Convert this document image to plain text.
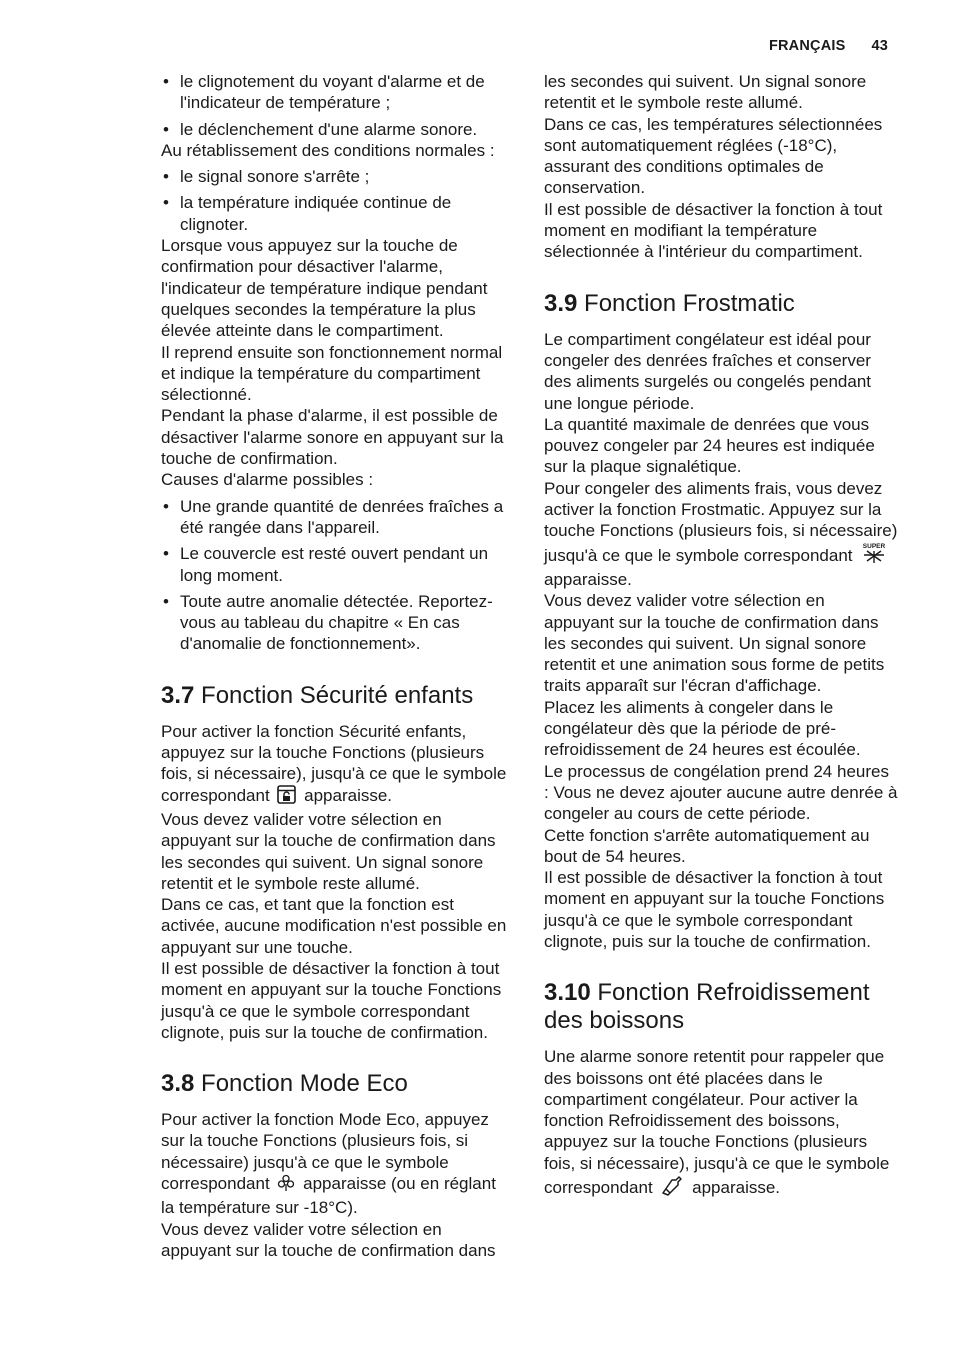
FRANÇAIS 43

• le clignotement du voyant d'alarme et de l'indicateur de température ;

• le déclenchement d'une alarme sonore.

Au rétablissement des conditions normales :

• le signal sonore s'arrête ;

• la température indiquée continue de clignoter.

Lorsque vous appuyez sur la touche de confirmation pour désactiver l'alarme, l'indicateur de température indique pendant quelques secondes la température la plus élevée atteinte dans le compartiment.

Il reprend ensuite son fonctionnement normal et indique la température du compartiment sélectionné.

Pendant la phase d'alarme, il est possible de désactiver l'alarme sonore en appuyant sur la touche de confirmation.

Causes d'alarme possibles :

• Une grande quantité de denrées fraîches a été rangée dans l'appareil.

• Le couvercle est resté ouvert pendant un long moment.

• Toute autre anomalie détectée. Reportez-vous au tableau du chapitre « En cas d'anomalie de fonctionnement».

3.7 Fonction Sécurité enfants

Pour activer la fonction Sécurité enfants, appuyez sur la touche Fonctions (plusieurs fois, si nécessaire), jusqu'à ce que le symbole correspondant  apparaisse.

Vous devez valider votre sélection en appuyant sur la touche de confirmation dans les secondes qui suivent. Un signal sonore retentit et le symbole reste allumé.

Dans ce cas, et tant que la fonction est activée, aucune modification n'est possible en appuyant sur une touche.

Il est possible de désactiver la fonction à tout moment en appuyant sur la touche Fonctions jusqu'à ce que le symbole correspondant clignote, puis sur la touche de confirmation.

3.8 Fonction Mode Eco

Pour activer la fonction Mode Eco, appuyez sur la touche Fonctions (plusieurs fois, si nécessaire) jusqu'à ce que le symbole correspondant  apparaisse (ou en réglant la température sur -18°C).

Vous devez valider votre sélection en appuyant sur la touche de confirmation dans

les secondes qui suivent. Un signal sonore retentit et le symbole reste allumé.

Dans ce cas, les températures sélectionnées sont automatiquement réglées (-18°C), assurant des conditions optimales de conservation.

Il est possible de désactiver la fonction à tout moment en modifiant la température sélectionnée à l'intérieur du compartiment.

3.9 Fonction Frostmatic

Le compartiment congélateur est idéal pour congeler des denrées fraîches et conserver des aliments surgelés ou congelés pendant une longue période.

La quantité maximale de denrées que vous pouvez congeler par 24 heures est indiquée sur la plaque signalétique.

Pour congeler des aliments frais, vous devez activer la fonction Frostmatic. Appuyez sur la touche Fonctions (plusieurs fois, si nécessaire) jusqu'à ce que le symbole correspondant SUPER
apparaisse.

Vous devez valider votre sélection en appuyant sur la touche de confirmation dans les secondes qui suivent. Un signal sonore retentit et une animation sous forme de petits traits apparaît sur l'écran d'affichage.

Placez les aliments à congeler dans le congélateur dès que la période de pré-refroidissement de 24 heures est écoulée.

Le processus de congélation prend 24 heures : Vous ne devez ajouter aucune autre denrée à congeler au cours de cette période.

Cette fonction s'arrête automatiquement au bout de 54 heures.

Il est possible de désactiver la fonction à tout moment en appuyant sur la touche Fonctions jusqu'à ce que le symbole correspondant clignote, puis sur la touche de confirmation.

3.10 Fonction Refroidissement
des boissons

Une alarme sonore retentit pour rappeler que des boissons ont été placées dans le compartiment congélateur. Pour activer la fonction Refroidissement des boissons, appuyez sur la touche Fonctions (plusieurs fois, si nécessaire), jusqu'à ce que le symbole correspondant  apparaisse.
